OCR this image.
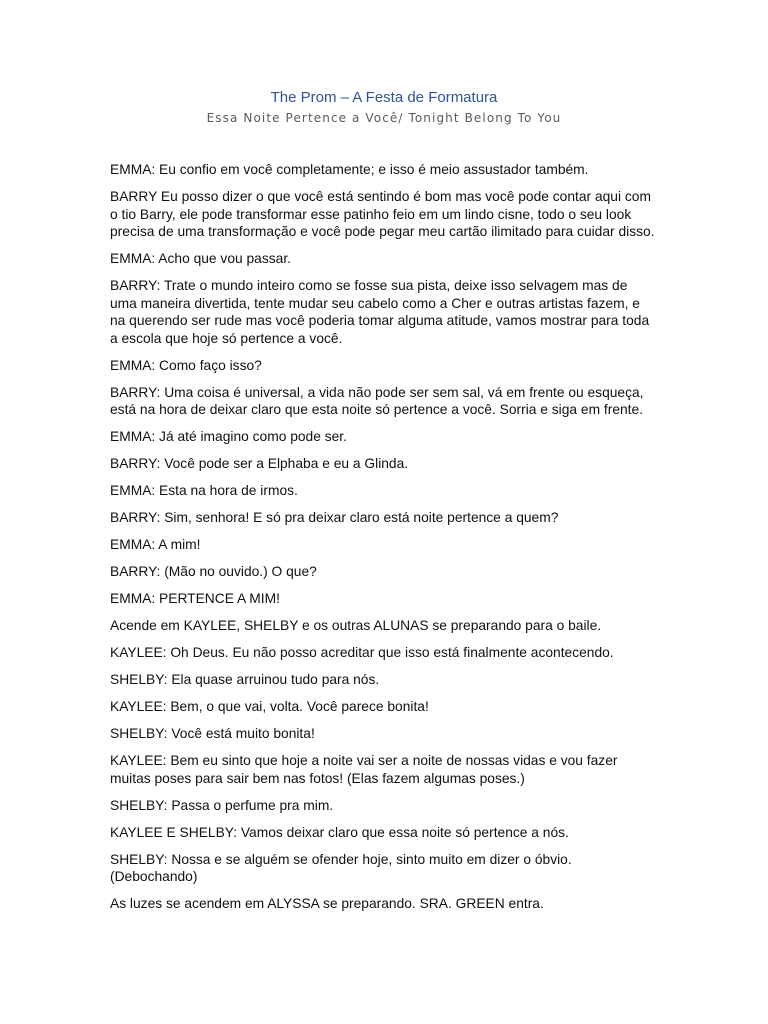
The Prom – A Festa de Formatura
Essa Noite Pertence a Você/ Tonight Belong To You

EMMA: Eu confio em você completamente; e isso é meio assustador também.

BARRY Eu posso dizer o que você está sentindo é bom mas você pode contar aqui com o tio Barry, ele pode transformar esse patinho feio em um lindo cisne, todo o seu look precisa de uma transformação e você pode pegar meu cartão ilimitado para cuidar disso.

EMMA: Acho que vou passar.

BARRY: Trate o mundo inteiro como se fosse sua pista, deixe isso selvagem mas de uma maneira divertida, tente mudar seu cabelo como a Cher e outras artistas fazem, e na querendo ser rude mas você poderia tomar alguma atitude, vamos mostrar para toda a escola que hoje só pertence a você.

EMMA: Como faço isso?

BARRY: Uma coisa é universal, a vida não pode ser sem sal, vá em frente ou esqueça, está na hora de deixar claro que esta noite só pertence a você. Sorria e siga em frente.

EMMA: Já até imagino como pode ser.

BARRY: Você pode ser a Elphaba e eu a Glinda.

EMMA: Esta na hora de irmos.

BARRY: Sim, senhora! E só pra deixar claro está noite pertence a quem?

EMMA: A mim!

BARRY: (Mão no ouvido.) O que?

EMMA: PERTENCE A MIM!

Acende em KAYLEE, SHELBY e os outras ALUNAS se preparando para o baile.

KAYLEE: Oh Deus. Eu não posso acreditar que isso está finalmente acontecendo.

SHELBY: Ela quase arruinou tudo para nós.

KAYLEE: Bem, o que vai, volta. Você parece bonita!

SHELBY: Você está muito bonita!

KAYLEE: Bem eu sinto que hoje a noite vai ser a noite de nossas vidas e vou fazer muitas poses para sair bem nas fotos! (Elas fazem algumas poses.)

SHELBY: Passa o perfume pra mim.

KAYLEE E SHELBY: Vamos deixar claro que essa noite só pertence a nós.

SHELBY: Nossa e se alguém se ofender hoje, sinto muito em dizer o óbvio. (Debochando)

As luzes se acendem em ALYSSA se preparando. SRA. GREEN entra.
